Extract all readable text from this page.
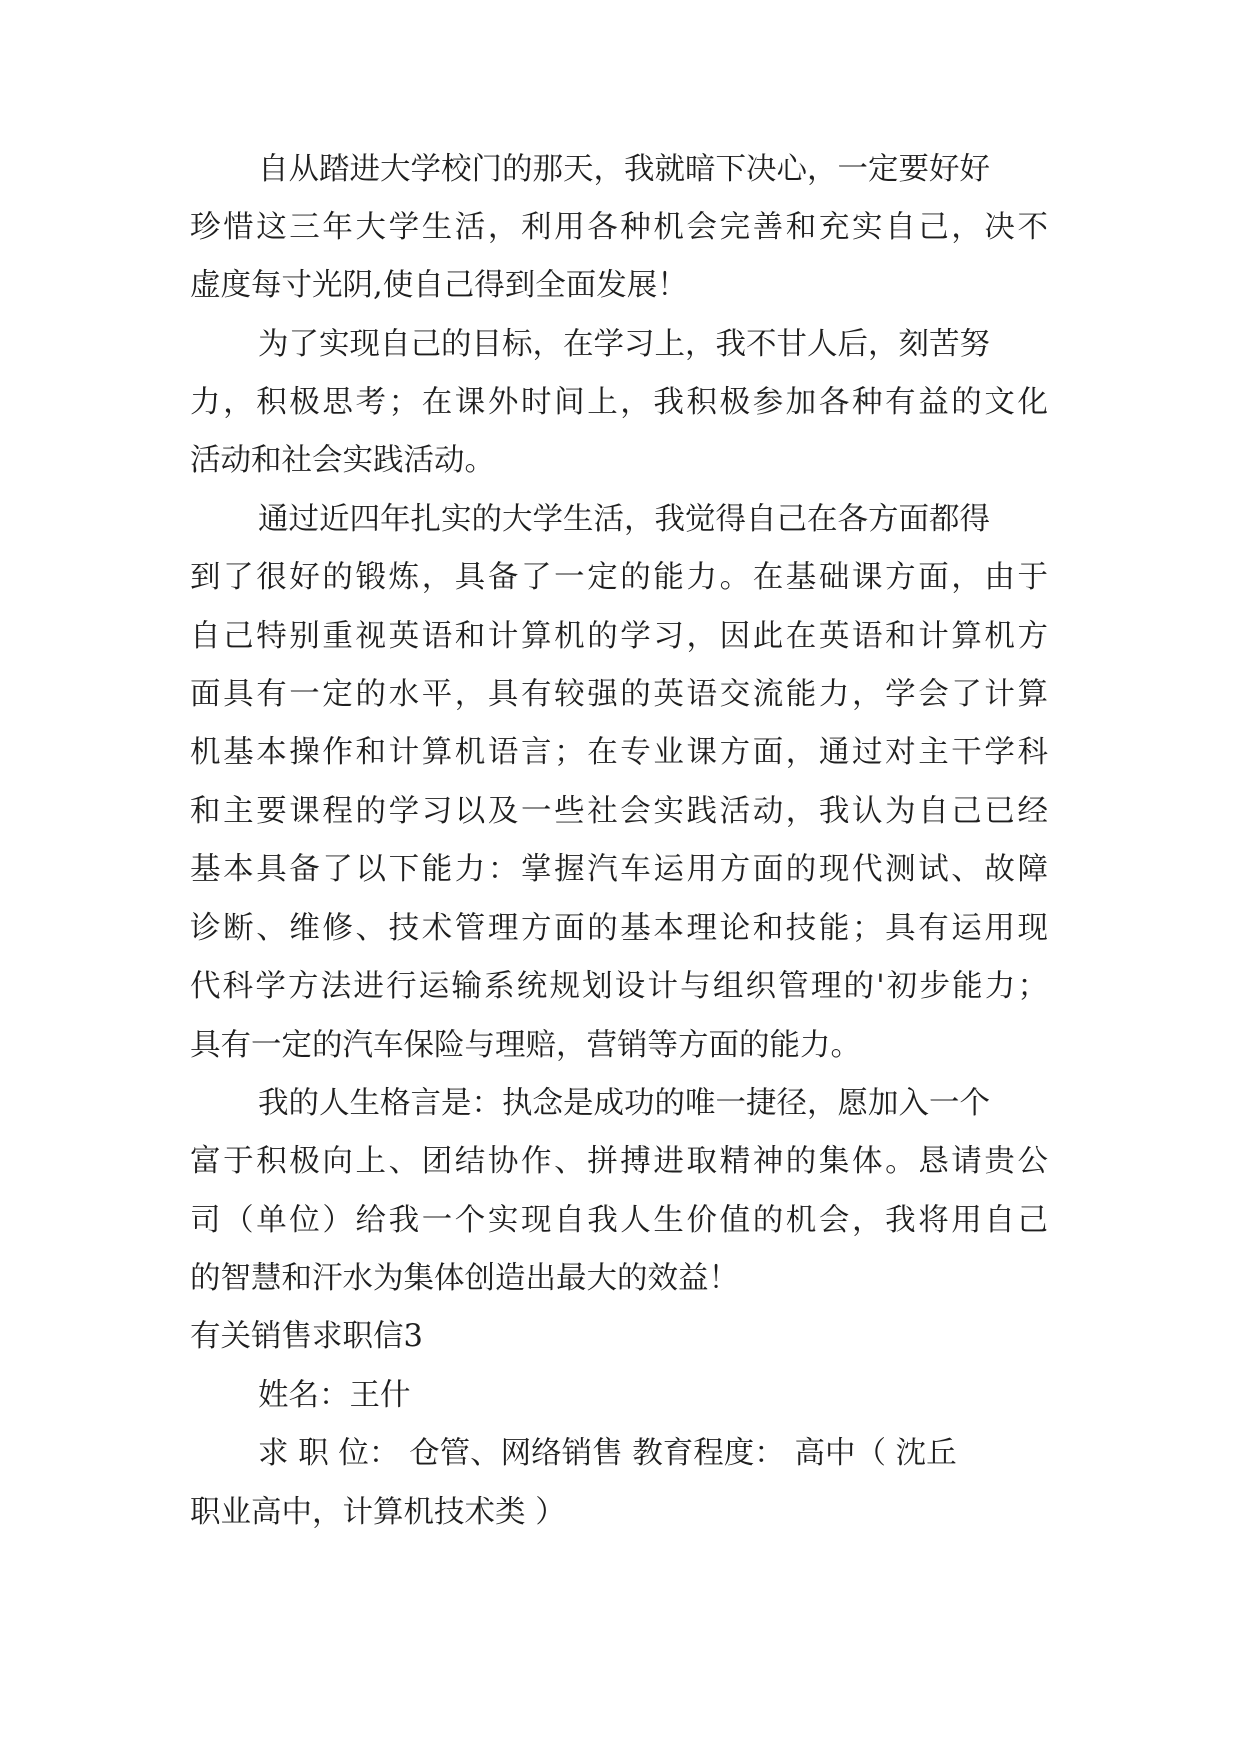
自从踏进大学校门的那天，我就暗下决心，一定要好好

珍惜这三年大学生活，利用各种机会完善和充实自己，决不

虚度每寸光阴,使自己得到全面发展！

为了实现自己的目标，在学习上，我不甘人后，刻苦努

力，积极思考；在课外时间上，我积极参加各种有益的文化

活动和社会实践活动。

通过近四年扎实的大学生活，我觉得自己在各方面都得

到了很好的锻炼，具备了一定的能力。在基础课方面，由于

自己特别重视英语和计算机的学习，因此在英语和计算机方

面具有一定的水平，具有较强的英语交流能力，学会了计算

机基本操作和计算机语言；在专业课方面，通过对主干学科

和主要课程的学习以及一些社会实践活动，我认为自己已经

基本具备了以下能力：掌握汽车运用方面的现代测试、故障

诊断、维修、技术管理方面的基本理论和技能；具有运用现

代科学方法进行运输系统规划设计与组织管理的'初步能力；

具有一定的汽车保险与理赔，营销等方面的能力。

我的人生格言是：执念是成功的唯一捷径，愿加入一个

富于积极向上、团结协作、拼搏进取精神的集体。恳请贵公

司（单位）给我一个实现自我人生价值的机会，我将用自己

的智慧和汗水为集体创造出最大的效益！

有关销售求职信3

姓名：王什

求 职 位： 仓管、网络销售 教育程度： 高中（ 沈丘

职业高中，计算机技术类 ）
